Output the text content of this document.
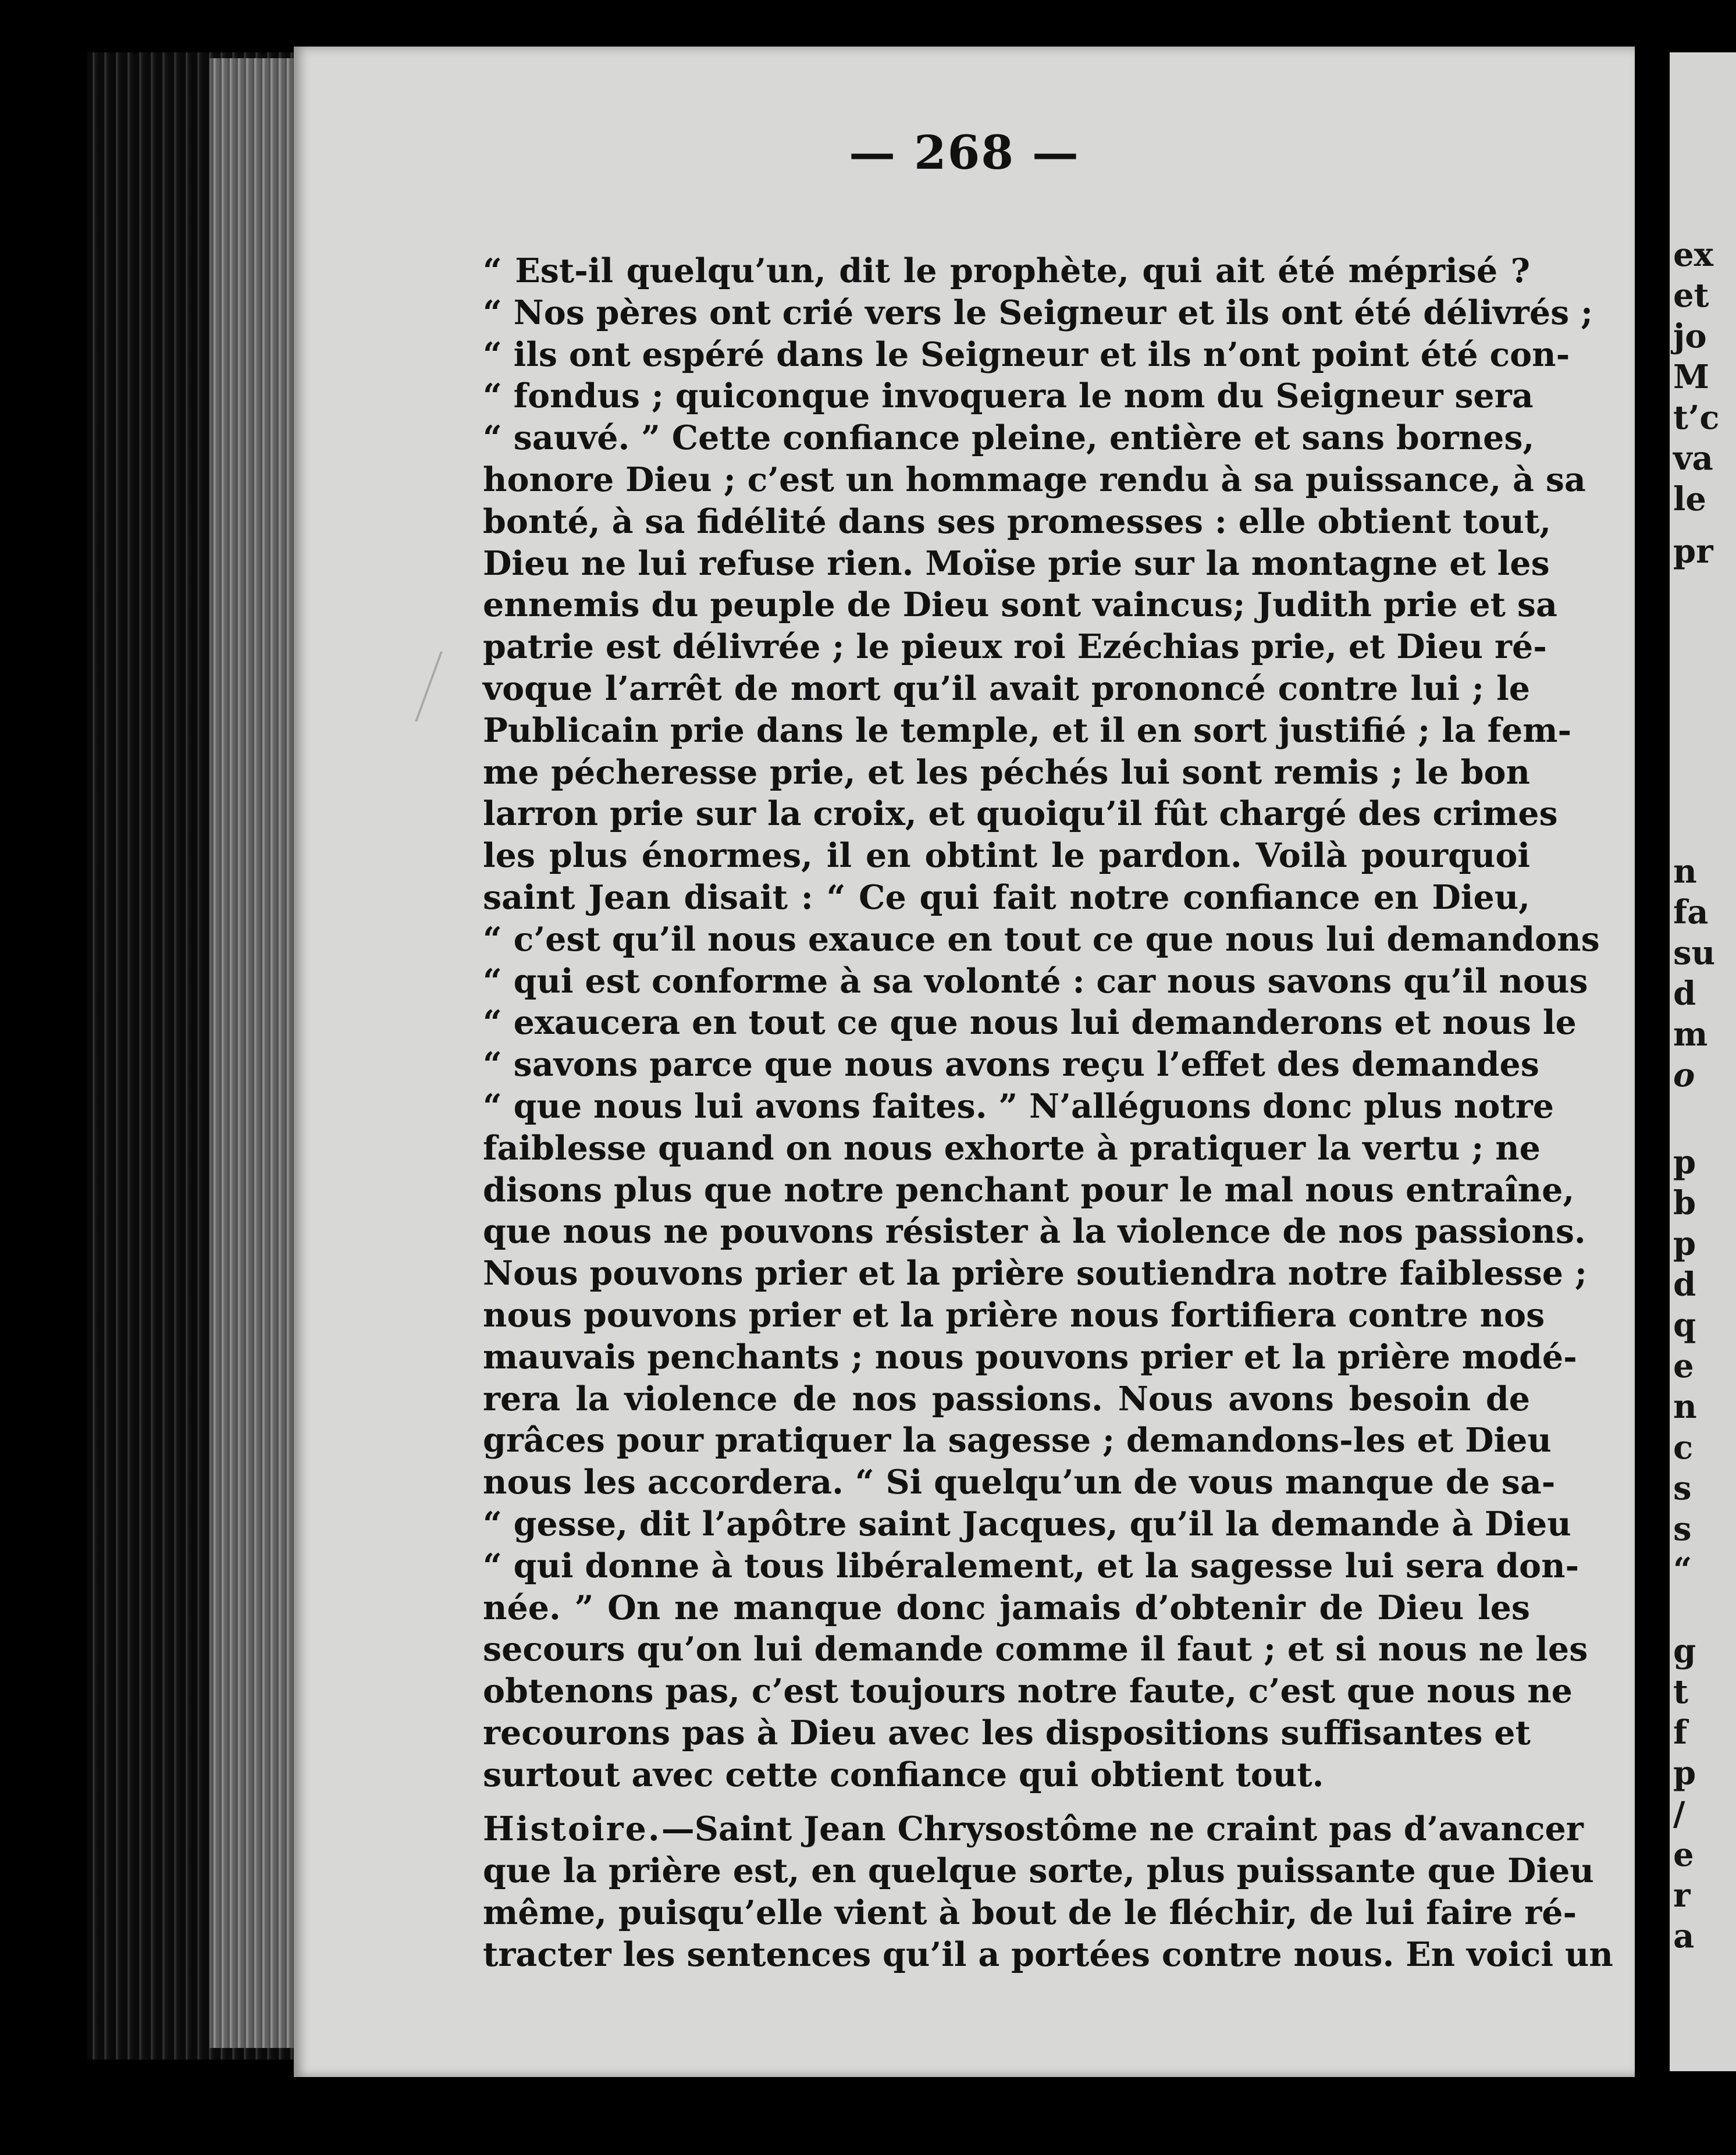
— 268 —
“ Est-il quelqu’un, dit le prophète, qui ait été méprisé ?
“ Nos pères ont crié vers le Seigneur et ils ont été délivrés ;
“ ils ont espéré dans le Seigneur et ils n’ont point été con-
“ fondus ; quiconque invoquera le nom du Seigneur sera
“ sauvé. ” Cette confiance pleine, entière et sans bornes,
honore Dieu ; c’est un hommage rendu à sa puissance, à sa
bonté, à sa fidélité dans ses promesses : elle obtient tout,
Dieu ne lui refuse rien. Moïse prie sur la montagne et les
ennemis du peuple de Dieu sont vaincus; Judith prie et sa
patrie est délivrée ; le pieux roi Ezéchias prie, et Dieu ré-
voque l’arrêt de mort qu’il avait prononcé contre lui ; le
Publicain prie dans le temple, et il en sort justifié ; la fem-
me pécheresse prie, et les péchés lui sont remis ; le bon
larron prie sur la croix, et quoiqu’il fût chargé des crimes
les plus énormes, il en obtint le pardon. Voilà pourquoi
saint Jean disait : “ Ce qui fait notre confiance en Dieu,
“ c’est qu’il nous exauce en tout ce que nous lui demandons
“ qui est conforme à sa volonté : car nous savons qu’il nous
“ exaucera en tout ce que nous lui demanderons et nous le
“ savons parce que nous avons reçu l’effet des demandes
“ que nous lui avons faites. ” N’alléguons donc plus notre
faiblesse quand on nous exhorte à pratiquer la vertu ; ne
disons plus que notre penchant pour le mal nous entraîne,
que nous ne pouvons résister à la violence de nos passions.
Nous pouvons prier et la prière soutiendra notre faiblesse ;
nous pouvons prier et la prière nous fortifiera contre nos
mauvais penchants ; nous pouvons prier et la prière modé-
rera la violence de nos passions. Nous avons besoin de
grâces pour pratiquer la sagesse ; demandons-les et Dieu
nous les accordera. “ Si quelqu’un de vous manque de sa-
“ gesse, dit l’apôtre saint Jacques, qu’il la demande à Dieu
“ qui donne à tous libéralement, et la sagesse lui sera don-
née. ” On ne manque donc jamais d’obtenir de Dieu les
secours qu’on lui demande comme il faut ; et si nous ne les
obtenons pas, c’est toujours notre faute, c’est que nous ne
recourons pas à Dieu avec les dispositions suffisantes et
surtout avec cette confiance qui obtient tout.
Histoire.—Saint Jean Chrysostôme ne craint pas d’avancer
que la prière est, en quelque sorte, plus puissante que Dieu
même, puisqu’elle vient à bout de le fléchir, de lui faire ré-
tracter les sentences qu’il a portées contre nous. En voici un
ex
et
jo
M
t’c
va
le
pr
n
fa
su
d
m
o
p
b
p
d
q
e
n
c
s
s
“
g
t
f
p
/
e
r
a
